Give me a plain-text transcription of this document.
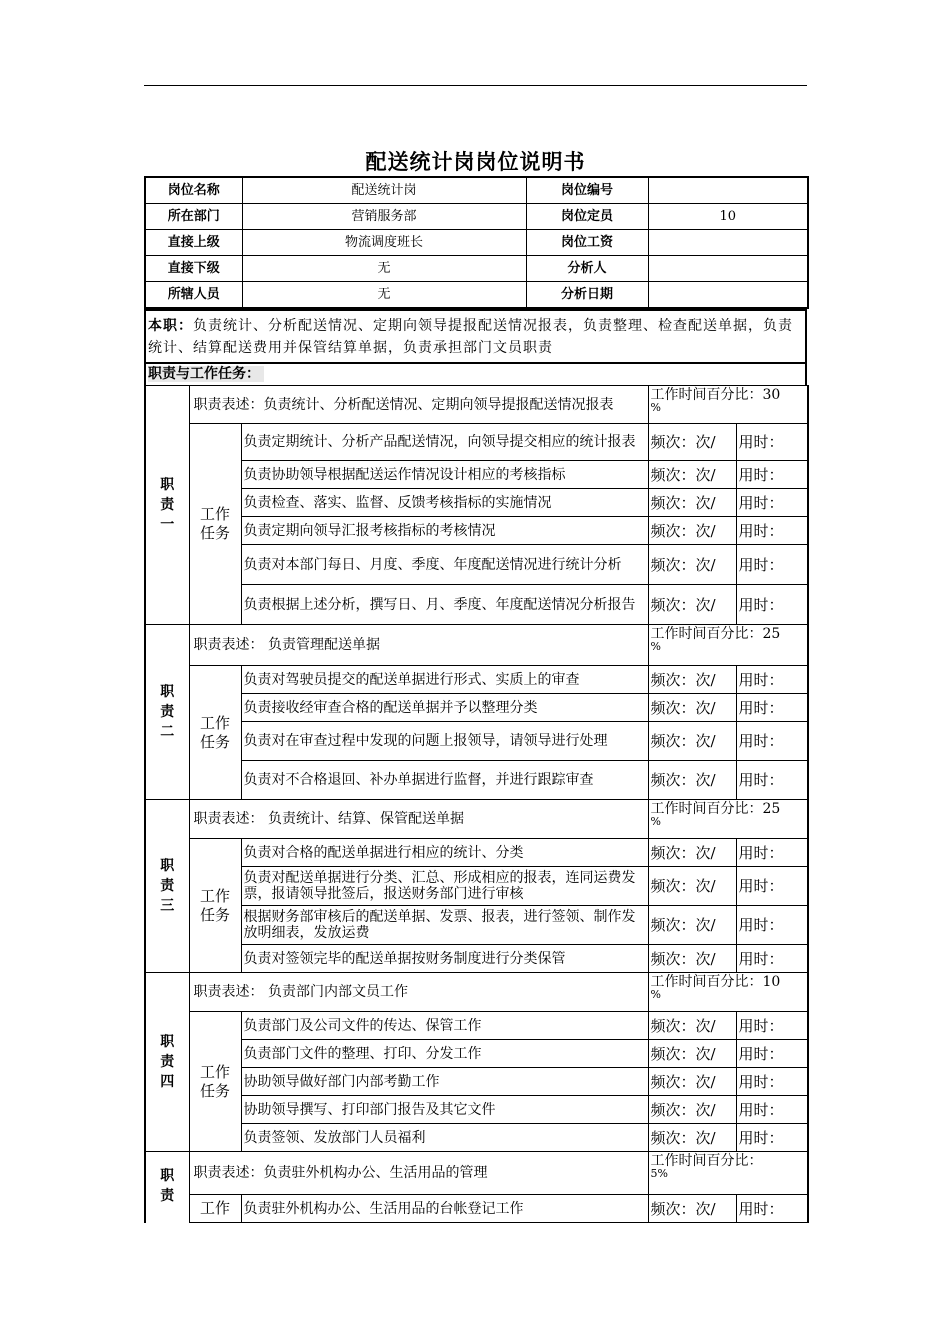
配送统计岗岗位说明书
岗位名称	配送统计岗	岗位编号	
所在部门	营销服务部	岗位定员	10
直接上级	物流调度班长	岗位工资	
直接下级	无	分析人	
所辖人员	无	分析日期	
本职：负责统计、分析配送情况、定期向领导提报配送情况报表，负责整理、检查配送单据，负责统计、结算配送费用并保管结算单据，负责承担部门文员职责
职责与工作任务：
职责一	职责表述：负责统计、分析配送情况、定期向领导提报配送情况报表		工作时间百分比：30
%	

	工作任务	负责定期统计、分析产品配送情况，向领导提交相应的统计报表	频次：次/	用时：
		负责协助领导根据配送运作情况设计相应的考核指标	频次：次/	用时：
		负责检查、落实、监督、反馈考核指标的实施情况	频次：次/	用时：
		负责定期向领导汇报考核指标的考核情况	频次：次/	用时：
		负责对本部门每日、月度、季度、年度配送情况进行统计分析	频次：次/	用时：
		负责根据上述分析，撰写日、月、季度、年度配送情况分析报告	频次：次/	用时：
职责二	职责表述： 负责管理配送单据		工作时间百分比：25
%	

	工作任务	负责对驾驶员提交的配送单据进行形式、实质上的审查	频次：次/	用时：
		负责接收经审查合格的配送单据并予以整理分类	频次：次/	用时：
		负责对在审查过程中发现的问题上报领导，请领导进行处理	频次：次/	用时：
		负责对不合格退回、补办单据进行监督，并进行跟踪审查	频次：次/	用时：
职责三	职责表述： 负责统计、结算、保管配送单据		工作时间百分比：25
%	

	工作任务	负责对合格的配送单据进行相应的统计、分类	频次：次/	用时：
		负责对配送单据进行分类、汇总、形成相应的报表，连同运费发票，报请领导批签后，报送财务部门进行审核	频次：次/	用时：
		根据财务部审核后的配送单据、发票、报表，进行签领、制作发放明细表，发放运费	频次：次/	用时：
		负责对签领完毕的配送单据按财务制度进行分类保管	频次：次/	用时：
职责四	职责表述： 负责部门内部文员工作		工作时间百分比：10
%	

	工作任务	负责部门及公司文件的传达、保管工作	频次：次/	用时：
		负责部门文件的整理、打印、分发工作	频次：次/	用时：
		协助领导做好部门内部考勤工作	频次：次/	用时：
		协助领导撰写、打印部门报告及其它文件	频次：次/	用时：
		负责签领、发放部门人员福利	频次：次/	用时：
职责	职责表述：负责驻外机构办公、生活用品的管理		工作时间百分比：
5%	

	工作	负责驻外机构办公、生活用品的台帐登记工作	频次：次/	用时：
